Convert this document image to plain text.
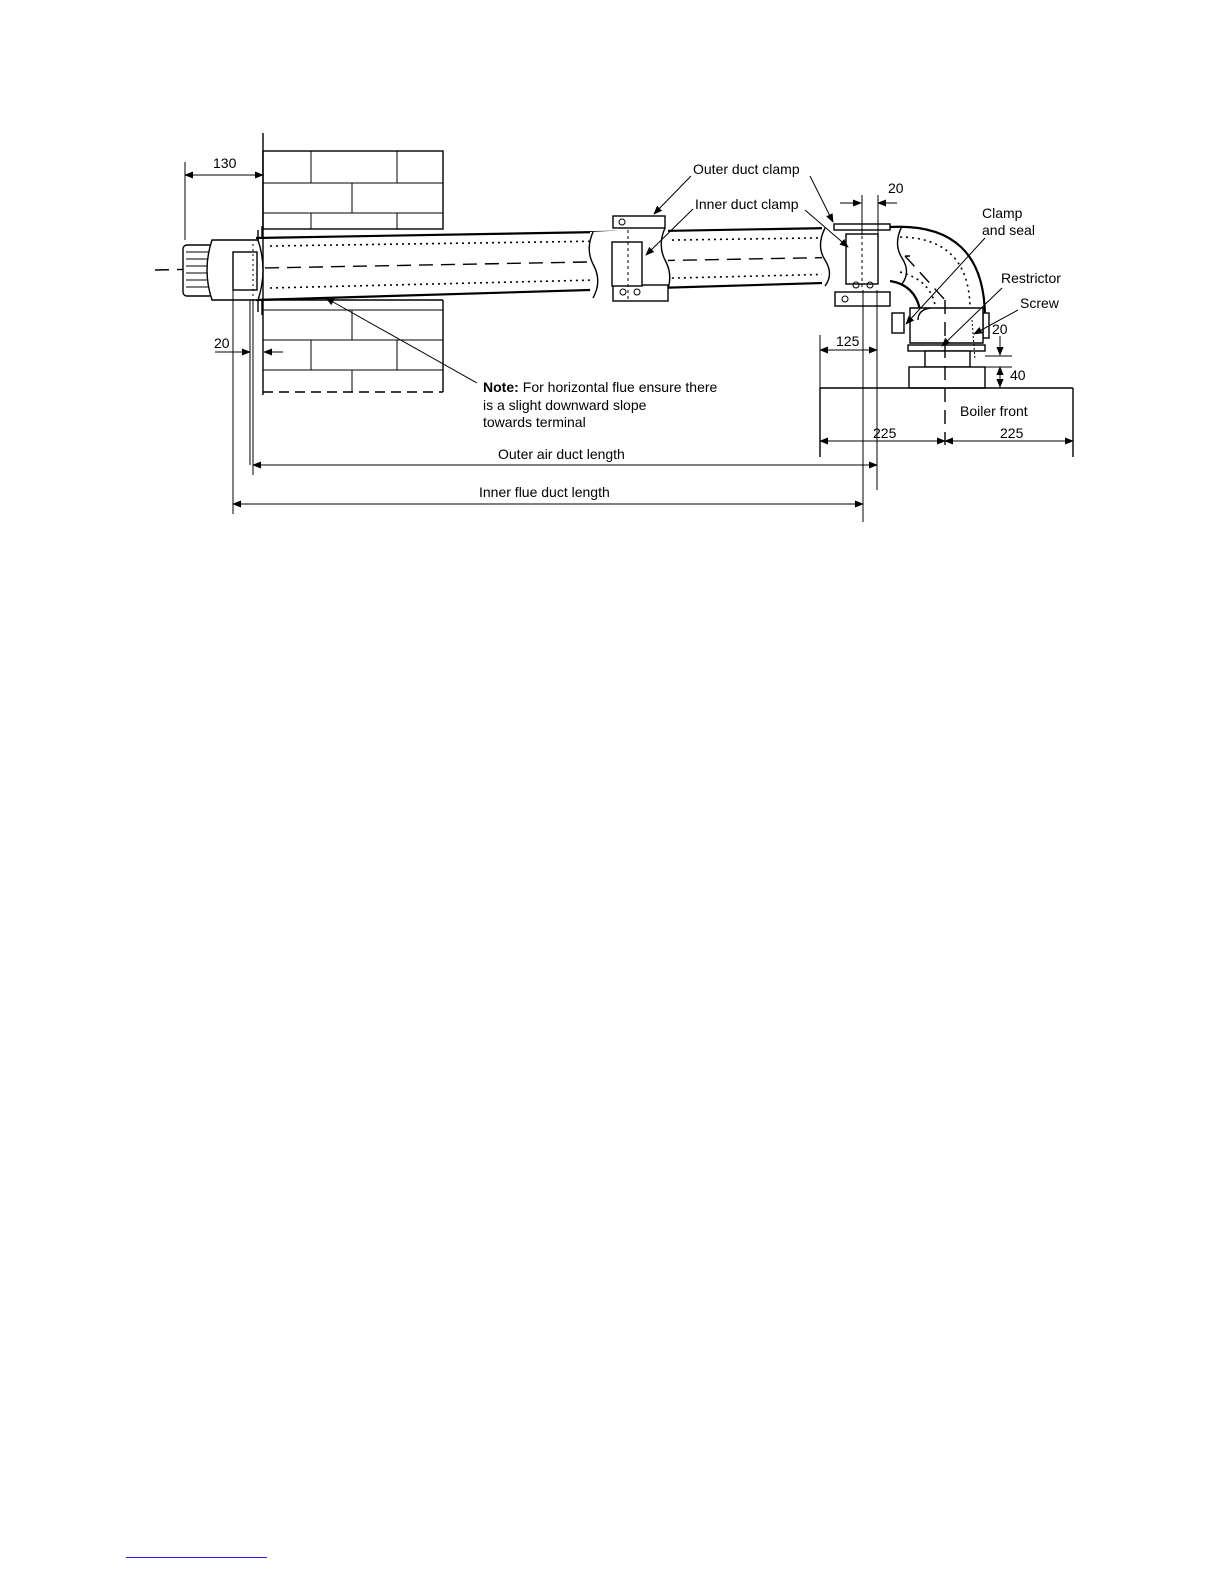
Outer duct clamp
Inner duct clamp
Clamp
and seal
Restrictor
Screw
Boiler front
Outer air duct length
Inner flue duct length
Note: For horizontal flue ensure there
is a slight downward slope
towards terminal
130
20
20
125
20
40
225	225
